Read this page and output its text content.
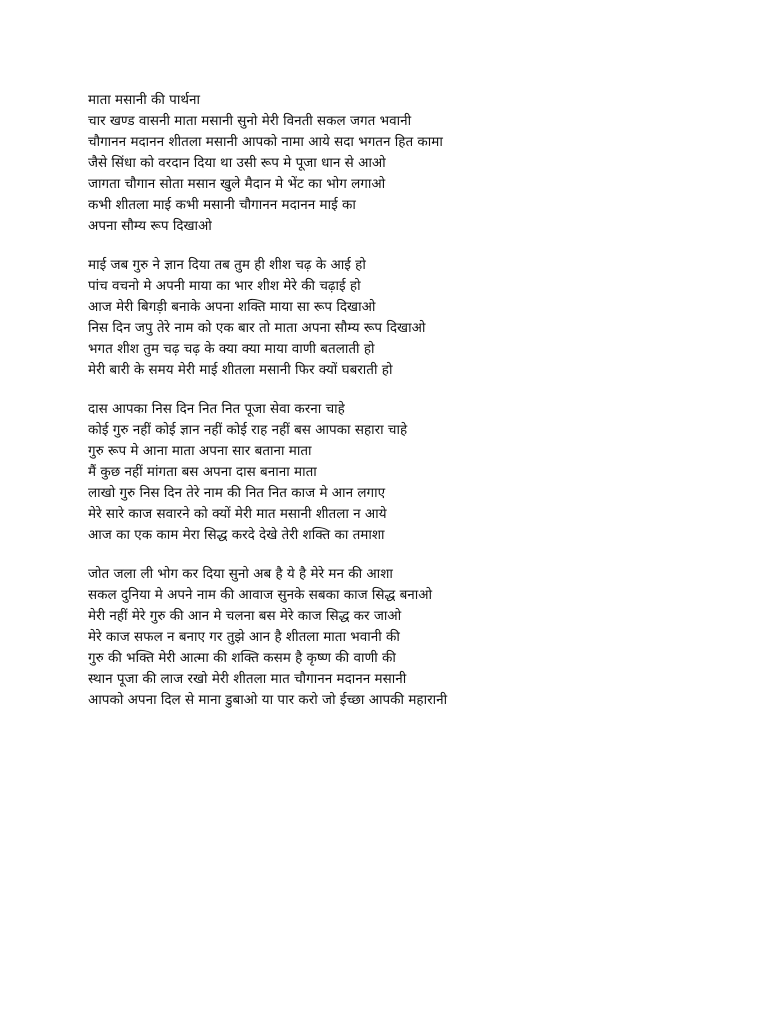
माता मसानी की पार्थना
चार खण्ड वासनी माता मसानी सुनो मेरी विनती सकल जगत भवानी
चौगानन मदानन शीतला मसानी आपको नामा आये सदा भगतन हित कामा
जैसे सिंधा को वरदान दिया था उसी रूप मे पूजा धान से आओ
जागता चौगान सोता मसान खुले मैदान मे भेंट का भोग लगाओ
कभी शीतला माई कभी मसानी चौगानन मदानन माई का
अपना सौम्य रूप दिखाओ
माई जब गुरु ने ज्ञान दिया तब तुम ही शीश चढ़ के आई हो
पांच वचनो मे अपनी माया का भार शीश मेरे की चढ़ाई हो
आज मेरी बिगड़ी बनाके अपना शक्ति माया सा रूप दिखाओ
निस दिन जपु तेरे नाम को एक बार तो माता अपना सौम्य रूप दिखाओ
भगत शीश तुम चढ़ चढ़ के क्या क्या माया वाणी बतलाती हो
मेरी बारी के समय मेरी माई शीतला मसानी फिर क्यों घबराती हो
दास आपका निस दिन नित नित पूजा सेवा करना चाहे
कोई गुरु नहीं कोई ज्ञान नहीं कोई राह नहीं बस आपका सहारा चाहे
गुरु रूप मे आना माता अपना सार बताना माता
मैं कुछ नहीं मांगता बस अपना दास बनाना माता
लाखो गुरु निस दिन तेरे नाम की नित नित काज मे आन लगाए
मेरे सारे काज सवारने को क्यों मेरी मात मसानी शीतला न आये
आज का एक काम मेरा सिद्ध करदे देखे तेरी शक्ति का तमाशा
जोत जला ली भोग कर दिया सुनो अब है ये है मेरे मन की आशा
सकल दुनिया मे अपने नाम की आवाज सुनके सबका काज सिद्ध बनाओ
मेरी नहीं मेरे गुरु की आन मे चलना बस मेरे काज सिद्ध कर जाओ
मेरे काज सफल न बनाए गर तुझे आन है शीतला माता भवानी की
गुरु की भक्ति मेरी आत्मा की शक्ति कसम है कृष्ण की वाणी की
स्थान पूजा की लाज रखो मेरी शीतला मात चौगानन मदानन मसानी
आपको अपना दिल से माना डुबाओ या पार करो जो ईच्छा आपकी महारानी
